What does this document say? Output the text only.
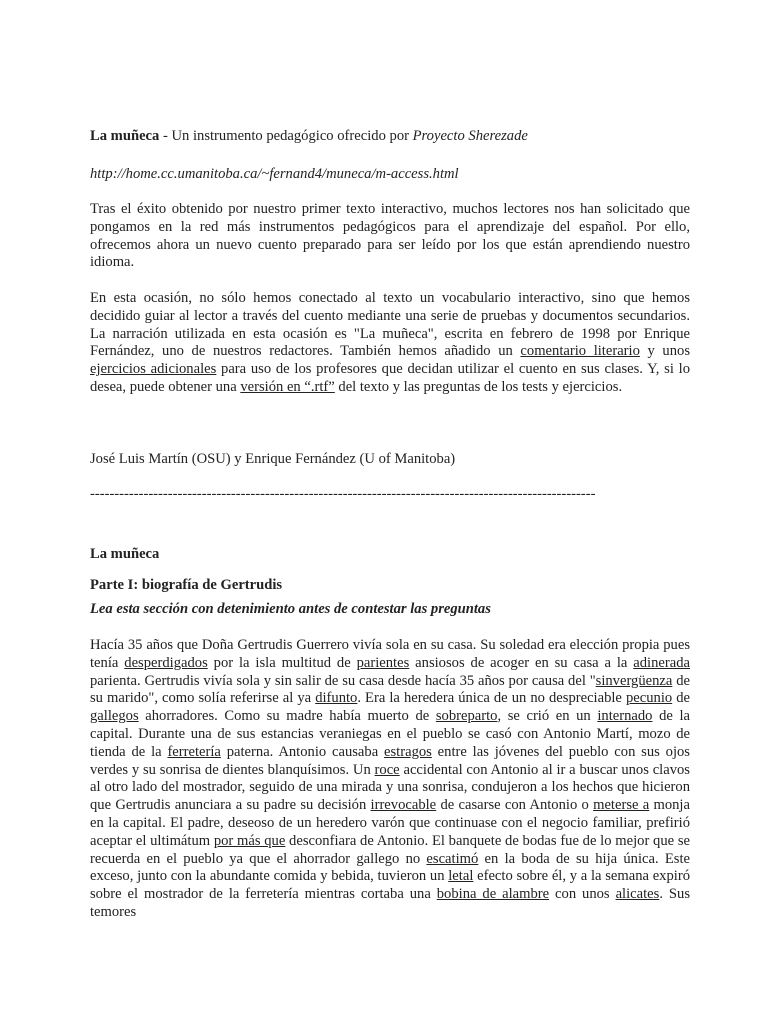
La muñeca - Un instrumento pedagógico ofrecido por Proyecto Sherezade

http://home.cc.umanitoba.ca/~fernand4/muneca/m-access.html

Tras el éxito obtenido por nuestro primer texto interactivo, muchos lectores nos han solicitado que pongamos en la red más instrumentos pedagógicos para el aprendizaje del español. Por ello, ofrecemos ahora un nuevo cuento preparado para ser leído por los que están aprendiendo nuestro idioma.

En esta ocasión, no sólo hemos conectado al texto un vocabulario interactivo, sino que hemos decidido guiar al lector a través del cuento mediante una serie de pruebas y documentos secundarios. La narración utilizada en esta ocasión es "La muñeca", escrita en febrero de 1998 por Enrique Fernández, uno de nuestros redactores. También hemos añadido un comentario literario y unos ejercicios adicionales para uso de los profesores que decidan utilizar el cuento en sus clases. Y, si lo desea, puede obtener una versión en “.rtf” del texto y las preguntas de los tests y ejercicios.

José Luis Martín (OSU) y Enrique Fernández (U of Manitoba)

--------------------------------------------------------------------------------------------------------

La muñeca

Parte I: biografía de Gertrudis

Lea esta sección con detenimiento antes de contestar las preguntas

Hacía 35 años que Doña Gertrudis Guerrero vivía sola en su casa. Su soledad era elección propia pues tenía desperdigados por la isla multitud de parientes ansiosos de acoger en su casa a la adinerada parienta. Gertrudis vivía sola y sin salir de su casa desde hacía 35 años por causa del "sinvergüenza de su marido", como solía referirse al ya difunto. Era la heredera única de un no despreciable pecunio de gallegos ahorradores. Como su madre había muerto de sobreparto, se crió en un internado de la capital. Durante una de sus estancias veraniegas en el pueblo se casó con Antonio Martí, mozo de tienda de la ferretería paterna. Antonio causaba estragos entre las jóvenes del pueblo con sus ojos verdes y su sonrisa de dientes blanquísimos. Un roce accidental con Antonio al ir a buscar unos clavos al otro lado del mostrador, seguido de una mirada y una sonrisa, condujeron a los hechos que hicieron que Gertrudis anunciara a su padre su decisión irrevocable de casarse con Antonio o meterse a monja en la capital. El padre, deseoso de un heredero varón que continuase con el negocio familiar, prefirió aceptar el ultimátum por más que desconfiara de Antonio. El banquete de bodas fue de lo mejor que se recuerda en el pueblo ya que el ahorrador gallego no escatimó en la boda de su hija única. Este exceso, junto con la abundante comida y bebida, tuvieron un letal efecto sobre él, y a la semana expiró sobre el mostrador de la ferretería mientras cortaba una bobina de alambre con unos alicates. Sus temores
